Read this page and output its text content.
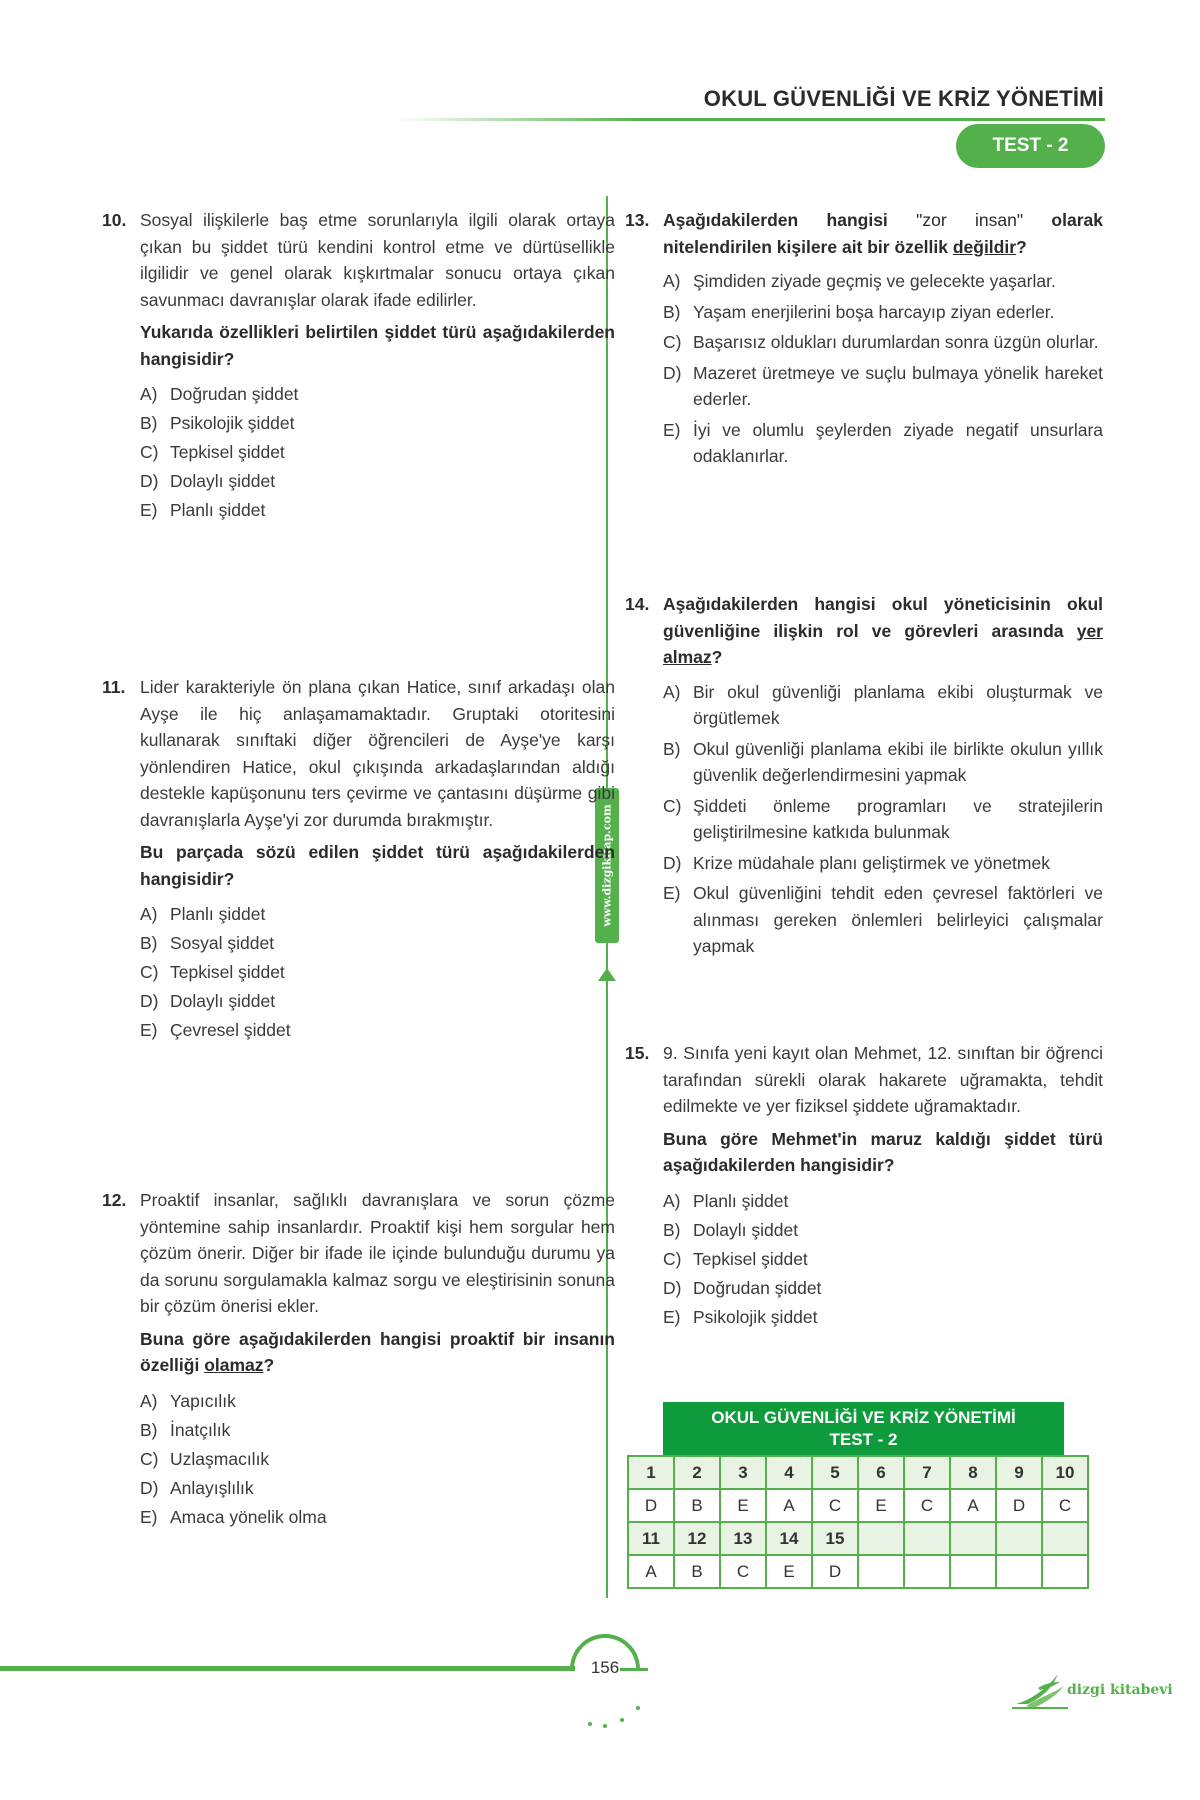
OKUL GÜVENLİĞİ VE KRİZ YÖNETİMİ
TEST - 2
www.dizgikitap.com
10. Sosyal ilişkilerle baş etme sorunlarıyla ilgili olarak ortaya çıkan bu şiddet türü kendini kontrol etme ve dürtüsellikle ilgilidir ve genel olarak kışkırtmalar sonucu ortaya çıkan savunmacı davranışlar olarak ifade edilirler.
Yukarıda özellikleri belirtilen şiddet türü aşağıdakilerden hangisidir?
A) Doğrudan şiddet
B) Psikolojik şiddet
C) Tepkisel şiddet
D) Dolaylı şiddet
E) Planlı şiddet
11. Lider karakteriyle ön plana çıkan Hatice, sınıf arkadaşı olan Ayşe ile hiç anlaşamamaktadır. Gruptaki otoritesini kullanarak sınıftaki diğer öğrencileri de Ayşe'ye karşı yönlendiren Hatice, okul çıkışında arkadaşlarından aldığı destekle kapüşonunu ters çevirme ve çantasını düşürme gibi davranışlarla Ayşe'yi zor durumda bırakmıştır.
Bu parçada sözü edilen şiddet türü aşağıdakilerden hangisidir?
A) Planlı şiddet
B) Sosyal şiddet
C) Tepkisel şiddet
D) Dolaylı şiddet
E) Çevresel şiddet
12. Proaktif insanlar, sağlıklı davranışlara ve sorun çözme yöntemine sahip insanlardır. Proaktif kişi hem sorgular hem çözüm önerir. Diğer bir ifade ile içinde bulunduğu durumu ya da sorunu sorgulamakla kalmaz sorgu ve eleştirisinin sonuna bir çözüm önerisi ekler.
Buna göre aşağıdakilerden hangisi proaktif bir insanın özelliği olamaz?
A) Yapıcılık
B) İnatçılık
C) Uzlaşmacılık
D) Anlayışlılık
E) Amaca yönelik olma
13. Aşağıdakilerden hangisi "zor insan" olarak nitelendirilen kişilere ait bir özellik değildir?
A) Şimdiden ziyade geçmiş ve gelecekte yaşarlar.
B) Yaşam enerjilerini boşa harcayıp ziyan ederler.
C) Başarısız oldukları durumlardan sonra üzgün olurlar.
D) Mazeret üretmeye ve suçlu bulmaya yönelik hareket ederler.
E) İyi ve olumlu şeylerden ziyade negatif unsurlara odaklanırlar.
14. Aşağıdakilerden hangisi okul yöneticisinin okul güvenliğine ilişkin rol ve görevleri arasında yer almaz?
A) Bir okul güvenliği planlama ekibi oluşturmak ve örgütlemek
B) Okul güvenliği planlama ekibi ile birlikte okulun yıllık güvenlik değerlendirmesini yapmak
C) Şiddeti önleme programları ve stratejilerin geliştirilmesine katkıda bulunmak
D) Krize müdahale planı geliştirmek ve yönetmek
E) Okul güvenliğini tehdit eden çevresel faktörleri ve alınması gereken önlemleri belirleyici çalışmalar yapmak
15. 9. Sınıfa yeni kayıt olan Mehmet, 12. sınıftan bir öğrenci tarafından sürekli olarak hakarete uğramakta, tehdit edilmekte ve yer fiziksel şiddete uğramaktadır.
Buna göre Mehmet'in maruz kaldığı şiddet türü aşağıdakilerden hangisidir?
A) Planlı şiddet
B) Dolaylı şiddet
C) Tepkisel şiddet
D) Doğrudan şiddet
E) Psikolojik şiddet
OKUL GÜVENLİĞİ VE KRİZ YÖNETİMİ
TEST - 2
1	2	3	4	5	6	7	8	9	10
D	B	E	A	C	E	C	A	D	C
11	12	13	14	15					
A	B	C	E	D					
156
dizgi kitabevi
